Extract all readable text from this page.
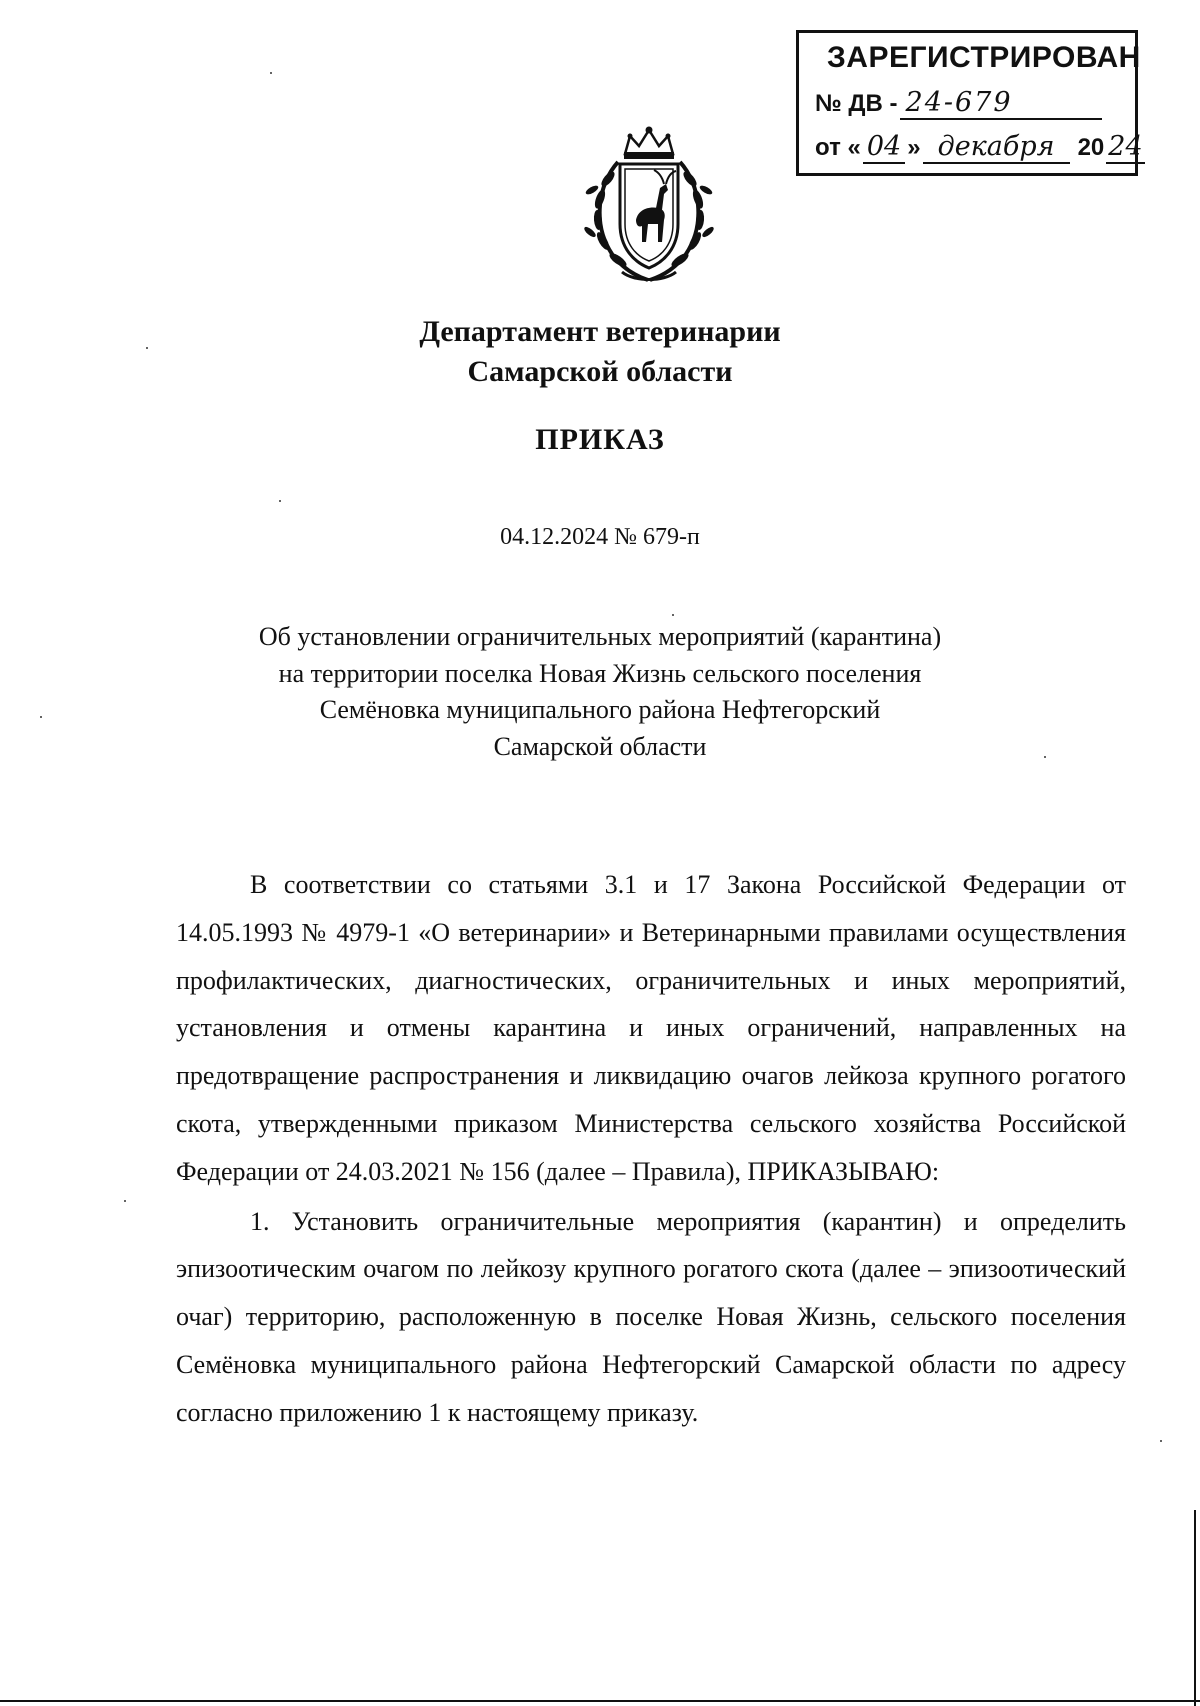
ЗАРЕГИСТРИРОВАН
№ ДВ - 24-679
от « 04 » декабря 20 24
Департамент ветеринарии
Самарской области
ПРИКАЗ
04.12.2024 № 679-п
Об установлении ограничительных мероприятий (карантина)
на территории поселка Новая Жизнь сельского поселения
Семёновка муниципального района Нефтегорский
Самарской области

В соответствии со статьями 3.1 и 17 Закона Российской Федерации от 14.05.1993 № 4979-1 «О ветеринарии» и Ветеринарными правилами осуществления профилактических, диагностических, ограничительных и иных мероприятий, установления и отмены карантина и иных ограничений, направленных на предотвращение распространения и ликвидацию очагов лейкоза крупного рогатого скота, утвержденными приказом Министерства сельского хозяйства Российской Федерации от 24.03.2021 № 156 (далее – Правила), ПРИКАЗЫВАЮ:

1. Установить ограничительные мероприятия (карантин) и определить эпизоотическим очагом по лейкозу крупного рогатого скота (далее – эпизоотический очаг) территорию, расположенную в поселке Новая Жизнь, сельского поселения Семёновка муниципального района Нефтегорский Самарской области по адресу согласно приложению 1 к настоящему приказу.
